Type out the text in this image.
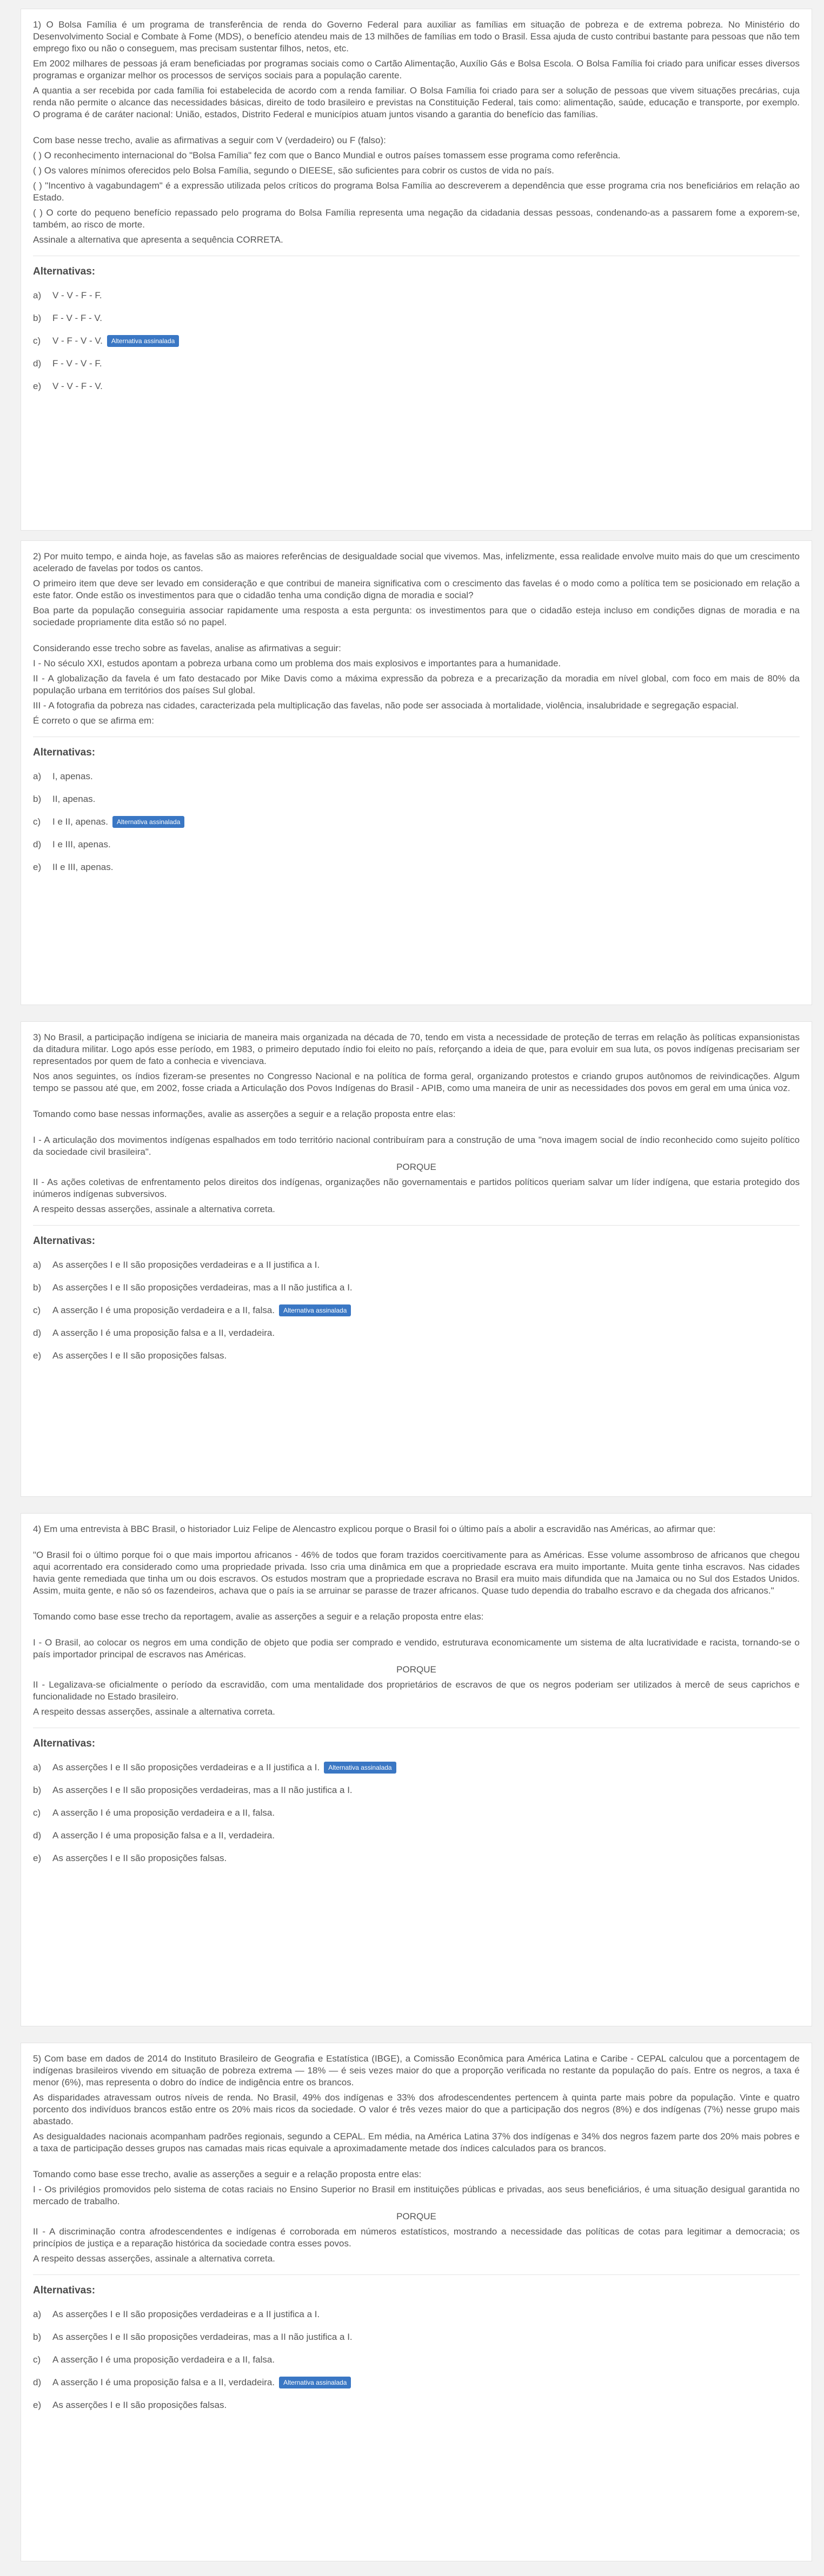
1) O Bolsa Família é um programa de transferência de renda do Governo Federal para auxiliar as famílias em situação de pobreza e de extrema pobreza. No Ministério do Desenvolvimento Social e Combate à Fome (MDS), o benefício atendeu mais de 13 milhões de famílias em todo o Brasil. Essa ajuda de custo contribui bastante para pessoas que não tem emprego fixo ou não o conseguem, mas precisam sustentar filhos, netos, etc.

Em 2002 milhares de pessoas já eram beneficiadas por programas sociais como o Cartão Alimentação, Auxílio Gás e Bolsa Escola. O Bolsa Família foi criado para unificar esses diversos programas e organizar melhor os processos de serviços sociais para a população carente.

A quantia a ser recebida por cada família foi estabelecida de acordo com a renda familiar. O Bolsa Família foi criado para ser a solução de pessoas que vivem situações precárias, cuja renda não permite o alcance das necessidades básicas, direito de todo brasileiro e previstas na Constituição Federal, tais como: alimentação, saúde, educação e transporte, por exemplo. O programa é de caráter nacional: União, estados, Distrito Federal e municípios atuam juntos visando a garantia do benefício das famílias.

Com base nesse trecho, avalie as afirmativas a seguir com V (verdadeiro) ou F (falso):

( ) O reconhecimento internacional do "Bolsa Família" fez com que o Banco Mundial e outros países tomassem esse programa como referência.

( ) Os valores mínimos oferecidos pelo Bolsa Família, segundo o DIEESE, são suficientes para cobrir os custos de vida no país.

( ) "Incentivo à vagabundagem" é a expressão utilizada pelos críticos do programa Bolsa Família ao descreverem a dependência que esse programa cria nos beneficiários em relação ao Estado.

( ) O corte do pequeno benefício repassado pelo programa do Bolsa Família representa uma negação da cidadania dessas pessoas, condenando-as a passarem fome a exporem-se, também, ao risco de morte.

Assinale a alternativa que apresenta a sequência CORRETA.

Alternativas:
a)	V - V - F - F.
b)	F - V - F - V.
c)	V - F - V - V.	Alternativa assinalada
d)	F - V - V - F.
e)	V - V - F - V.

2) Por muito tempo, e ainda hoje, as favelas são as maiores referências de desigualdade social que vivemos. Mas, infelizmente, essa realidade envolve muito mais do que um crescimento acelerado de favelas por todos os cantos.

O primeiro item que deve ser levado em consideração e que contribui de maneira significativa com o crescimento das favelas é o modo como a política tem se posicionado em relação a este fator. Onde estão os investimentos para que o cidadão tenha uma condição digna de moradia e social?

Boa parte da população conseguiria associar rapidamente uma resposta a esta pergunta: os investimentos para que o cidadão esteja incluso em condições dignas de moradia e na sociedade propriamente dita estão só no papel.

Considerando esse trecho sobre as favelas, analise as afirmativas a seguir:

I - No século XXI, estudos apontam a pobreza urbana como um problema dos mais explosivos e importantes para a humanidade.

II - A globalização da favela é um fato destacado por Mike Davis como a máxima expressão da pobreza e a precarização da moradia em nível global, com foco em mais de 80% da população urbana em territórios dos países Sul global.

III - A fotografia da pobreza nas cidades, caracterizada pela multiplicação das favelas, não pode ser associada à mortalidade, violência, insalubridade e segregação espacial.

É correto o que se afirma em:

Alternativas:
a)	I, apenas.
b)	II, apenas.
c)	I e II, apenas.	Alternativa assinalada
d)	I e III, apenas.
e)	II e III, apenas.

3) No Brasil, a participação indígena se iniciaria de maneira mais organizada na década de 70, tendo em vista a necessidade de proteção de terras em relação às políticas expansionistas da ditadura militar. Logo após esse período, em 1983, o primeiro deputado índio foi eleito no país, reforçando a ideia de que, para evoluir em sua luta, os povos indígenas precisariam ser representados por quem de fato a conhecia e vivenciava.

Nos anos seguintes, os índios fizeram-se presentes no Congresso Nacional e na política de forma geral, organizando protestos e criando grupos autônomos de reivindicações. Algum tempo se passou até que, em 2002, fosse criada a Articulação dos Povos Indígenas do Brasil - APIB, como uma maneira de unir as necessidades dos povos em geral em uma única voz.

Tomando como base nessas informações, avalie as asserções a seguir e a relação proposta entre elas:

I - A articulação dos movimentos indígenas espalhados em todo território nacional contribuíram para a construção de uma "nova imagem social de índio reconhecido como sujeito político da sociedade civil brasileira".

PORQUE

II - As ações coletivas de enfrentamento pelos direitos dos indígenas, organizações não governamentais e partidos políticos queriam salvar um líder indígena, que estaria protegido dos inúmeros indígenas subversivos.

A respeito dessas asserções, assinale a alternativa correta.

Alternativas:
a)	As asserções I e II são proposições verdadeiras e a II justifica a I.
b)	As asserções I e II são proposições verdadeiras, mas a II não justifica a I.
c)	A asserção I é uma proposição verdadeira e a II, falsa.	Alternativa assinalada
d)	A asserção I é uma proposição falsa e a II, verdadeira.
e)	As asserções I e II são proposições falsas.

4) Em uma entrevista à BBC Brasil, o historiador Luiz Felipe de Alencastro explicou porque o Brasil foi o último país a abolir a escravidão nas Américas, ao afirmar que:

"O Brasil foi o último porque foi o que mais importou africanos - 46% de todos que foram trazidos coercitivamente para as Américas. Esse volume assombroso de africanos que chegou aqui acorrentado era considerado como uma propriedade privada. Isso cria uma dinâmica em que a propriedade escrava era muito importante. Muita gente tinha escravos. Nas cidades havia gente remediada que tinha um ou dois escravos. Os estudos mostram que a propriedade escrava no Brasil era muito mais difundida que na Jamaica ou no Sul dos Estados Unidos. Assim, muita gente, e não só os fazendeiros, achava que o país ia se arruinar se parasse de trazer africanos. Quase tudo dependia do trabalho escravo e da chegada dos africanos."

Tomando como base esse trecho da reportagem, avalie as asserções a seguir e a relação proposta entre elas:

I - O Brasil, ao colocar os negros em uma condição de objeto que podia ser comprado e vendido, estruturava economicamente um sistema de alta lucratividade e racista, tornando-se o país importador principal de escravos nas Américas.

PORQUE

II - Legalizava-se oficialmente o período da escravidão, com uma mentalidade dos proprietários de escravos de que os negros poderiam ser utilizados à mercê de seus caprichos e funcionalidade no Estado brasileiro.

A respeito dessas asserções, assinale a alternativa correta.

Alternativas:
a)	As asserções I e II são proposições verdadeiras e a II justifica a I.	Alternativa assinalada
b)	As asserções I e II são proposições verdadeiras, mas a II não justifica a I.
c)	A asserção I é uma proposição verdadeira e a II, falsa.
d)	A asserção I é uma proposição falsa e a II, verdadeira.
e)	As asserções I e II são proposições falsas.

5) Com base em dados de 2014 do Instituto Brasileiro de Geografia e Estatística (IBGE), a Comissão Econômica para América Latina e Caribe - CEPAL calculou que a porcentagem de indígenas brasileiros vivendo em situação de pobreza extrema — 18% — é seis vezes maior do que a proporção verificada no restante da população do país. Entre os negros, a taxa é menor (6%), mas representa o dobro do índice de indigência entre os brancos.

As disparidades atravessam outros níveis de renda. No Brasil, 49% dos indígenas e 33% dos afrodescendentes pertencem à quinta parte mais pobre da população. Vinte e quatro porcento dos indivíduos brancos estão entre os 20% mais ricos da sociedade. O valor é três vezes maior do que a participação dos negros (8%) e dos indígenas (7%) nesse grupo mais abastado.

As desigualdades nacionais acompanham padrões regionais, segundo a CEPAL. Em média, na América Latina 37% dos indígenas e 34% dos negros fazem parte dos 20% mais pobres e a taxa de participação desses grupos nas camadas mais ricas equivale a aproximadamente metade dos índices calculados para os brancos.

Tomando como base esse trecho, avalie as asserções a seguir e a relação proposta entre elas:

I - Os privilégios promovidos pelo sistema de cotas raciais no Ensino Superior no Brasil em instituições públicas e privadas, aos seus beneficiários, é uma situação desigual garantida no mercado de trabalho.

PORQUE

II - A discriminação contra afrodescendentes e indígenas é corroborada em números estatísticos, mostrando a necessidade das políticas de cotas para legitimar a democracia; os princípios de justiça e a reparação histórica da sociedade contra esses povos.

A respeito dessas asserções, assinale a alternativa correta.

Alternativas:
a)	As asserções I e II são proposições verdadeiras e a II justifica a I.
b)	As asserções I e II são proposições verdadeiras, mas a II não justifica a I.
c)	A asserção I é uma proposição verdadeira e a II, falsa.
d)	A asserção I é uma proposição falsa e a II, verdadeira.	Alternativa assinalada
e)	As asserções I e II são proposições falsas.
